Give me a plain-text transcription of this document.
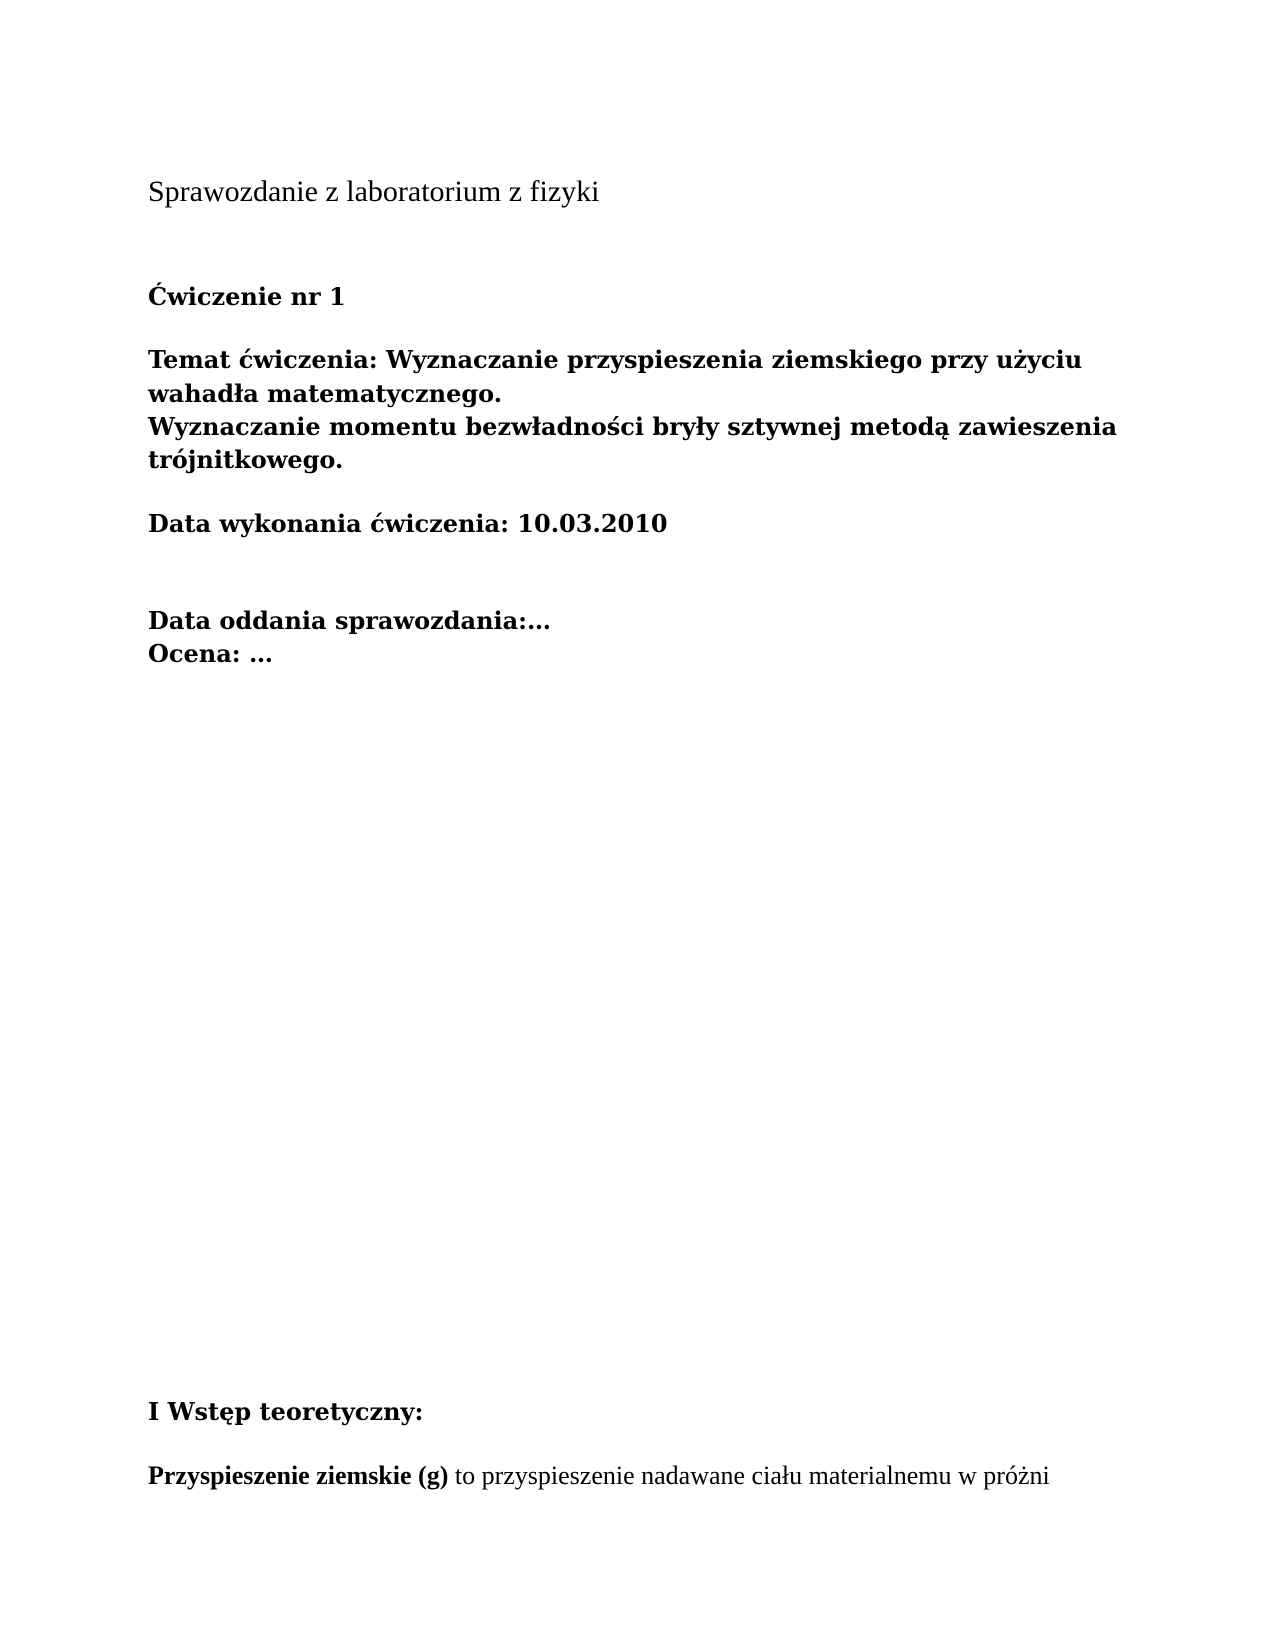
Sprawozdanie z laboratorium z fizyki

Ćwiczenie nr 1

Temat ćwiczenia: Wyznaczanie przyspieszenia ziemskiego przy użyciu

wahadła matematycznego.

Wyznaczanie momentu bezwładności bryły sztywnej metodą zawieszenia

trójnitkowego.

Data wykonania ćwiczenia: 10.03.2010

Data oddania sprawozdania:…

Ocena: …

I Wstęp teoretyczny:

Przyspieszenie ziemskie (g) to przyspieszenie nadawane ciału materialnemu w próżni
